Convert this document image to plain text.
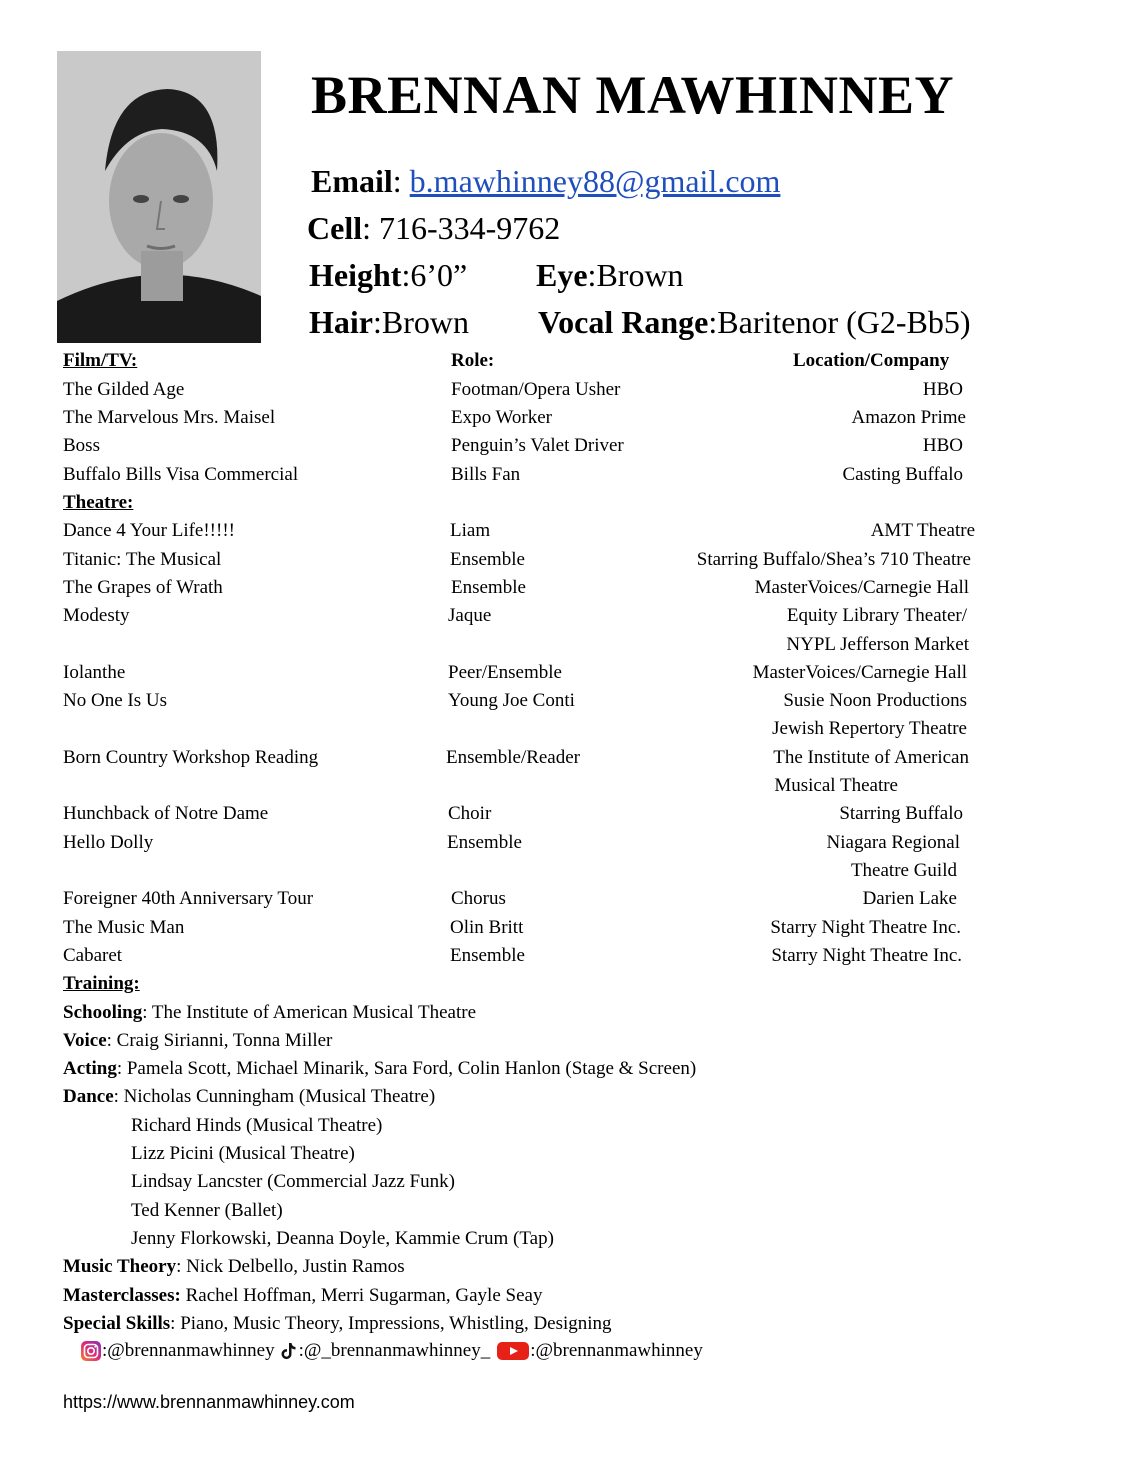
BRENNAN MAWHINNEY
Email: b.mawhinney88@gmail.com
Cell: 716-334-9762
Height:6’0” Eye:Brown
Hair:Brown Vocal Range:Baritenor (G2-Bb5)
Film/TV:	Role:	Location/Company
The Gilded Age	Footman/Opera Usher	HBO
The Marvelous Mrs. Maisel	Expo Worker	Amazon Prime
Boss	Penguin’s Valet Driver	HBO
Buffalo Bills Visa Commercial	Bills Fan	Casting Buffalo
Theatre:
Dance 4 Your Life!!!!!	Liam	AMT Theatre
Titanic: The Musical	Ensemble	Starring Buffalo/Shea’s 710 Theatre
The Grapes of Wrath	Ensemble	MasterVoices/Carnegie Hall
Modesty	Jaque	Equity Library Theater/
NYPL Jefferson Market
Iolanthe	Peer/Ensemble	MasterVoices/Carnegie Hall
No One Is Us	Young Joe Conti	Susie Noon Productions
Jewish Repertory Theatre
Born Country Workshop Reading	Ensemble/Reader	The Institute of American
Musical Theatre
Hunchback of Notre Dame	Choir	Starring Buffalo
Hello Dolly	Ensemble	Niagara Regional
Theatre Guild
Foreigner 40th Anniversary Tour	Chorus	Darien Lake
The Music Man	Olin Britt	Starry Night Theatre Inc.
Cabaret	Ensemble	Starry Night Theatre Inc.
Training:
Schooling: The Institute of American Musical Theatre
Voice: Craig Sirianni, Tonna Miller
Acting: Pamela Scott, Michael Minarik, Sara Ford, Colin Hanlon (Stage & Screen)
Dance: Nicholas Cunningham (Musical Theatre)
Richard Hinds (Musical Theatre)
Lizz Picini (Musical Theatre)
Lindsay Lancster (Commercial Jazz Funk)
Ted Kenner (Ballet)
Jenny Florkowski, Deanna Doyle, Kammie Crum (Tap)
Music Theory: Nick Delbello, Justin Ramos
Masterclasses: Rachel Hoffman, Merri Sugarman, Gayle Seay
Special Skills: Piano, Music Theory, Impressions, Whistling, Designing
:@brennanmawhinney :@_brennanmawhinney_ :@brennanmawhinney
https://www.brennanmawhinney.com
